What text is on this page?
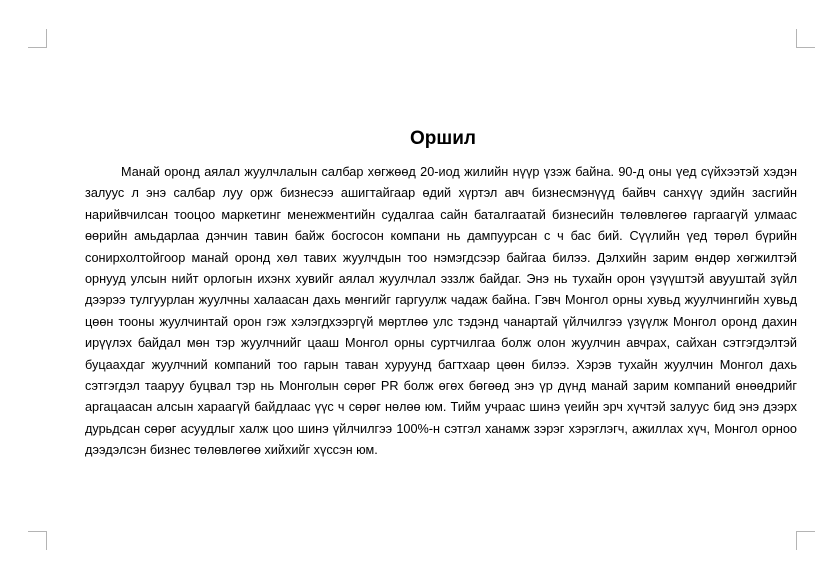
Оршил

Манай оронд аялал жуулчлалын салбар хөгжөөд 20-иод жилийн нүүр үзэж байна. 90-д оны үед сүйхээтэй хэдэн залуус л энэ салбар луу орж бизнесээ ашигтайгаар өдий хүртэл авч бизнесмэнүүд байвч санхүү эдийн засгийн нарийвчилсан тооцоо маркетинг менежментийн судалгаа сайн баталгаатай бизнесийн төлөвлөгөө гаргаагүй улмаас өөрийн амьдарлаа дэнчин тавин байж босгосон компани нь дампуурсан с ч бас бий. Сүүлийн үед төрөл бүрийн сонирхолтойгоор манай оронд хөл тавих жуулчдын тоо нэмэгдсээр байгаа билээ. Дэлхийн зарим өндөр хөгжилтэй орнууд улсын нийт орлогын ихэнх хувийг аялал жуулчлал эззлж байдаг. Энэ нь тухайн орон үзүүштэй авууштай зүйл дээрээ тулгуурлан жуулчны халаасан дахь мөнгийг гаргуулж чадаж байна. Гэвч Монгол орны хувьд жуулчингийн хувьд цөөн тооны жуулчинтай орон гэж хэлэгдхээргүй мөртлөө улс тэдэнд чанартай үйлчилгээ үзүүлж Монгол оронд дахин ирүүлэх байдал мөн тэр жуулчнийг цааш Монгол орны суртчилгаа болж олон жуулчин авчрах, сайхан сэтгэгдэлтэй буцаахдаг жуулчний компаний тоо гарын таван хуруунд багтхаар цөөн билээ. Хэрэв тухайн жуулчин Монгол дахь сэтгэгдэл тааруу буцвал тэр нь Монголын сөрөг PR болж өгөх бөгөөд энэ үр дүнд манай зарим компаний өнөөдрийг аргацаасан алсын хараагүй байдлаас үүс ч сөрөг нөлөө юм. Тийм учраас шинэ үеийн эрч хүчтэй залуус бид энэ дээрх дурьдсан сөрөг асуудлыг халж цоо шинэ үйлчилгээ 100%-н сэтгэл ханамж зэрэг хэрэглэгч, ажиллах хүч, Монгол орноо дээдэлсэн бизнес төлөвлөгөө хийхийг хүссэн юм.
